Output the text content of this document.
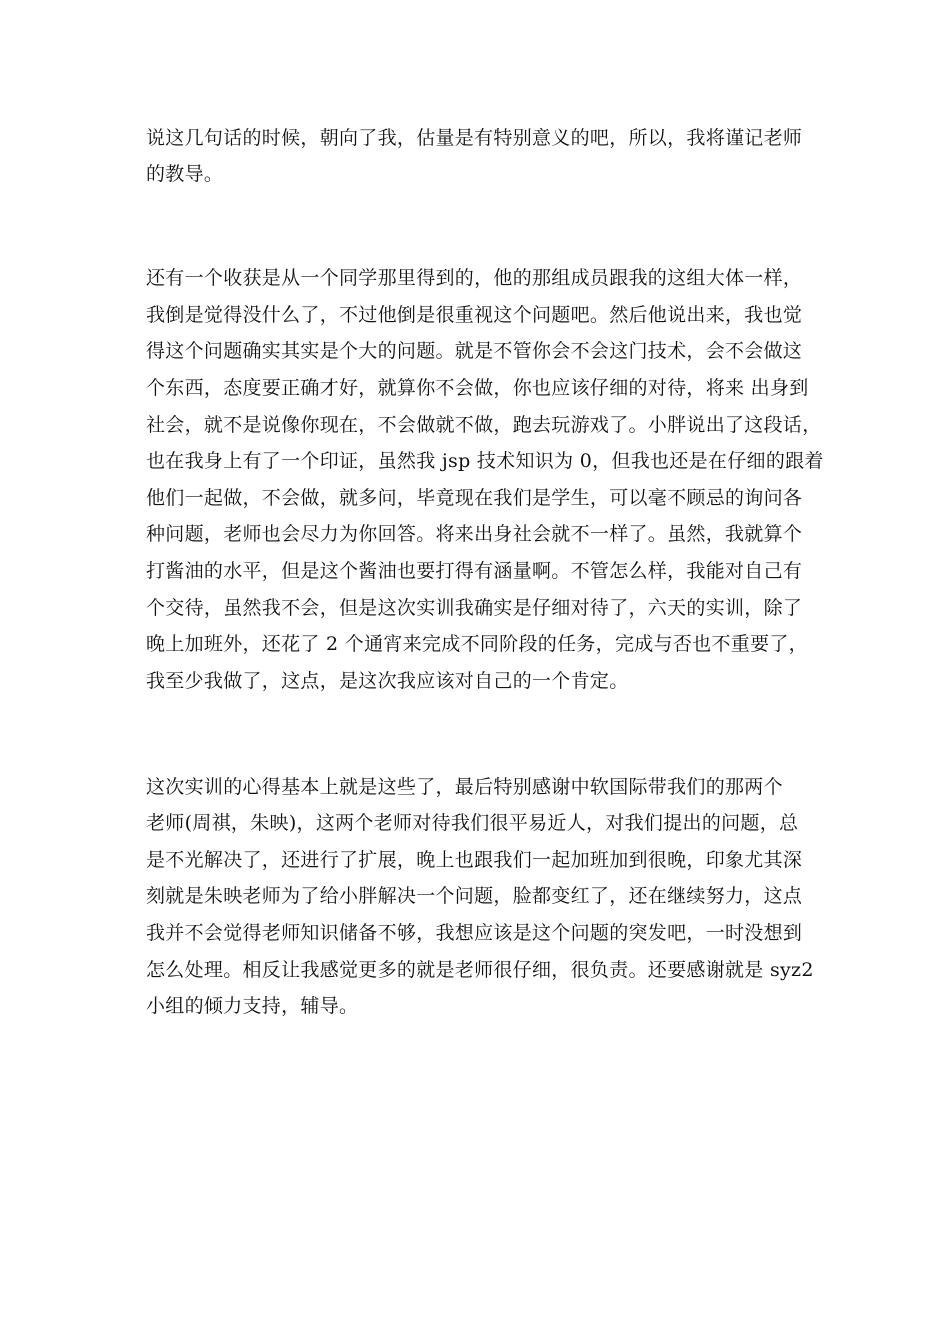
说这几句话的时候，朝向了我，估量是有特别意义的吧，所以，我将谨记老师

的教导。

还有一个收获是从一个同学那里得到的，他的那组成员跟我的这组大体一样，

我倒是觉得没什么了，不过他倒是很重视这个问题吧。然后他说出来，我也觉

得这个问题确实其实是个大的问题。就是不管你会不会这门技术，会不会做这

个东西，态度要正确才好，就算你不会做，你也应该仔细的对待，将来 出身到

社会，就不是说像你现在，不会做就不做，跑去玩游戏了。小胖说出了这段话，

也在我身上有了一个印证，虽然我 jsp 技术知识为 0，但我也还是在仔细的跟着

他们一起做，不会做，就多问，毕竟现在我们是学生，可以毫不顾忌的询问各

种问题，老师也会尽力为你回答。将来出身社会就不一样了。虽然，我就算个

打酱油的水平，但是这个酱油也要打得有涵量啊。不管怎么样，我能对自己有

个交待，虽然我不会，但是这次实训我确实是仔细对待了，六天的实训，除了

晚上加班外，还花了 2 个通宵来完成不同阶段的任务，完成与否也不重要了，

我至少我做了，这点，是这次我应该对自己的一个肯定。

这次实训的心得基本上就是这些了，最后特别感谢中软国际带我们的那两个

老师(周祺，朱映)，这两个老师对待我们很平易近人，对我们提出的问题，总

是不光解决了，还进行了扩展，晚上也跟我们一起加班加到很晚，印象尤其深

刻就是朱映老师为了给小胖解决一个问题，脸都变红了，还在继续努力，这点

我并不会觉得老师知识储备不够，我想应该是这个问题的突发吧，一时没想到

怎么处理。相反让我感觉更多的就是老师很仔细，很负责。还要感谢就是 syz2

小组的倾力支持，辅导。
